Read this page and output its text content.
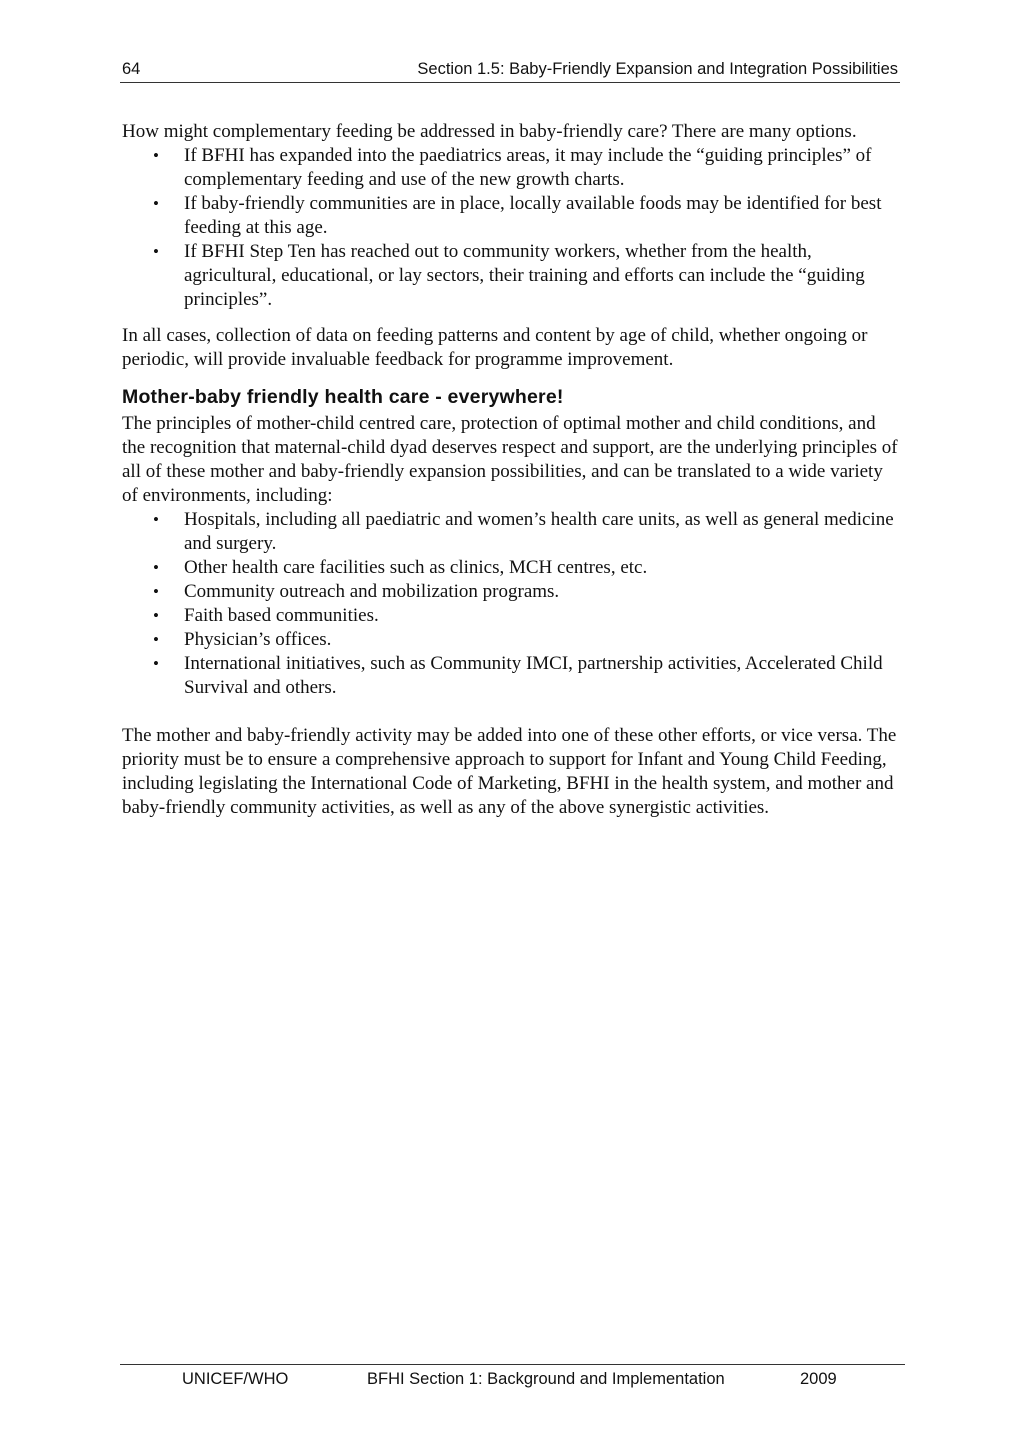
64	Section 1.5: Baby-Friendly Expansion and Integration Possibilities

How might complementary feeding be addressed in baby-friendly care? There are many options.

• If BFHI has expanded into the paediatrics areas, it may include the “guiding principles” of complementary feeding and use of the new growth charts.
• If baby-friendly communities are in place, locally available foods may be identified for best feeding at this age.
• If BFHI Step Ten has reached out to community workers, whether from the health, agricultural, educational, or lay sectors, their training and efforts can include the “guiding principles”.

In all cases, collection of data on feeding patterns and content by age of child, whether ongoing or periodic, will provide invaluable feedback for programme improvement.

Mother-baby friendly health care - everywhere!

The principles of mother-child centred care, protection of optimal mother and child conditions, and the recognition that maternal-child dyad deserves respect and support, are the underlying principles of all of these mother and baby-friendly expansion possibilities, and can be translated to a wide variety of environments, including:

• Hospitals, including all paediatric and women’s health care units, as well as general medicine and surgery.
• Other health care facilities such as clinics, MCH centres, etc.
• Community outreach and mobilization programs.
• Faith based communities.
• Physician’s offices.
• International initiatives, such as Community IMCI, partnership activities, Accelerated Child Survival and others.

The mother and baby-friendly activity may be added into one of these other efforts, or vice versa. The priority must be to ensure a comprehensive approach to support for Infant and Young Child Feeding, including legislating the International Code of Marketing, BFHI in the health system, and mother and baby-friendly community activities, as well as any of the above synergistic activities.

UNICEF/WHO	BFHI Section 1: Background and Implementation	2009
